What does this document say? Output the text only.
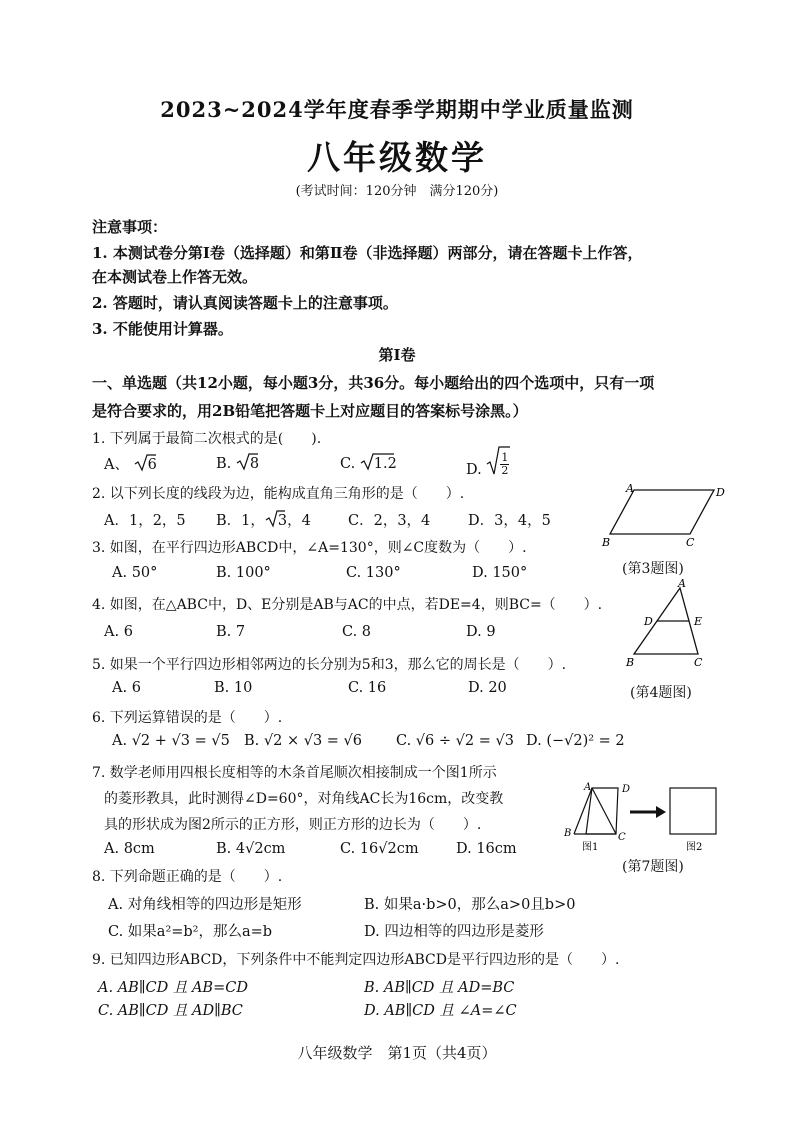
2023~2024学年度春季学期期中学业质量监测
八年级数学
(考试时间：120分钟　满分120分)
注意事项：
1. 本测试卷分第Ⅰ卷（选择题）和第Ⅱ卷（非选择题）两部分，请在答题卡上作答，
在本测试卷上作答无效。
2. 答题时，请认真阅读答题卡上的注意事项。
3. 不能使用计算器。
第Ⅰ卷
一、单选题（共12小题，每小题3分，共36分。每小题给出的四个选项中，只有一项
是符合要求的，用2B铅笔把答题卡上对应题目的答案标号涂黑。）
1. 下列属于最简二次根式的是(　　).
A、 6	B. 8	C. 1.2	D. $\frac{1}{2}$
2. 以下列长度的线段为边，能构成直角三角形的是（　　）.
A．1，2，5 B．1， 3，4	C．2，3，4	D．3，4，5
3. 如图，在平行四边形ABCD中，∠A=130°，则∠C度数为（　　）.
A. 50°	B. 100°	C. 130°	D. 150°
A	D
B	C
(第3题图)
4. 如图，在△ABC中，D、E分别是AB与AC的中点，若DE=4，则BC=（　　）.
A. 6	B. 7	C. 8	D. 9
A
D	E
B	C
5. 如果一个平行四边形相邻两边的长分别为5和3，那么它的周长是（　　）.
A. 6	B. 10	C. 16	D. 20	(第4题图)
6. 下列运算错误的是（　　）.
A. √2 + √3 = √5 B. √2 × √3 = √6 C. √6 ÷ √2 = √3 D. (−√2)² = 2
7. 数学老师用四根长度相等的木条首尾顺次相接制成一个图1所示
的菱形教具，此时测得∠D=60°，对角线AC长为16cm，改变教
具的形状成为图2所示的正方形，则正方形的边长为（　　）.
A. 8cm	B. 4√2cm	C. 16√2cm	D. 16cm
A	D
B	C
图1	图2
(第7题图)
8. 下列命题正确的是（　　）.
A. 对角线相等的四边形是矩形	B. 如果a·b>0，那么a>0且b>0
C. 如果a²=b²，那么a=b	D. 四边相等的四边形是菱形
9. 已知四边形ABCD，下列条件中不能判定四边形ABCD是平行四边形的是（　　）.
A. AB∥CD 且 AB=CD	B. AB∥CD 且 AD=BC
C. AB∥CD 且 AD∥BC	D. AB∥CD 且 ∠A=∠C
八年级数学　第1页（共4页）
